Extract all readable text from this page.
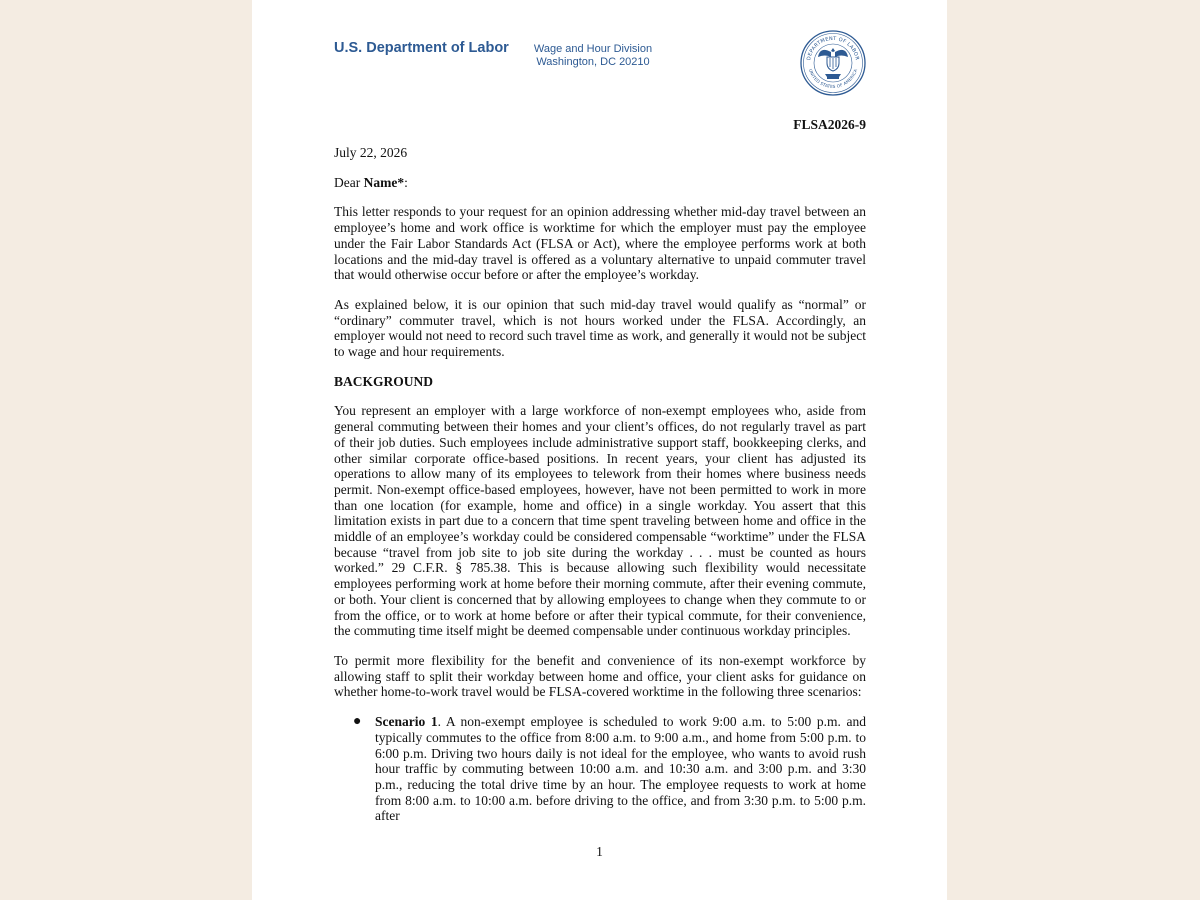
U.S. Department of Labor	Wage and Hour Division
Washington, DC 20210	DEPARTMENT OF LABOR
UNITED STATES OF AMERICA
FLSA2026-9

July 22, 2026

Dear Name*:

This letter responds to your request for an opinion addressing whether mid-day travel between an employee’s home and work office is worktime for which the employer must pay the employee under the Fair Labor Standards Act (FLSA or Act), where the employee performs work at both locations and the mid-day travel is offered as a voluntary alternative to unpaid commuter travel that would otherwise occur before or after the employee’s workday.

As explained below, it is our opinion that such mid-day travel would qualify as “normal” or “ordinary” commuter travel, which is not hours worked under the FLSA. Accordingly, an employer would not need to record such travel time as work, and generally it would not be subject to wage and hour requirements.

BACKGROUND

You represent an employer with a large workforce of non-exempt employees who, aside from general commuting between their homes and your client’s offices, do not regularly travel as part of their job duties. Such employees include administrative support staff, bookkeeping clerks, and other similar corporate office-based positions. In recent years, your client has adjusted its operations to allow many of its employees to telework from their homes where business needs permit. Non-exempt office-based employees, however, have not been permitted to work in more than one location (for example, home and office) in a single workday. You assert that this limitation exists in part due to a concern that time spent traveling between home and office in the middle of an employee’s workday could be considered compensable “worktime” under the FLSA because “travel from job site to job site during the workday . . . must be counted as hours worked.” 29 C.F.R. § 785.38. This is because allowing such flexibility would necessitate employees performing work at home before their morning commute, after their evening commute, or both. Your client is concerned that by allowing employees to change when they commute to or from the office, or to work at home before or after their typical commute, for their convenience, the commuting time itself might be deemed compensable under continuous workday principles.

To permit more flexibility for the benefit and convenience of its non-exempt workforce by allowing staff to split their workday between home and office, your client asks for guidance on whether home-to-work travel would be FLSA-covered worktime in the following three scenarios:

● Scenario 1. A non-exempt employee is scheduled to work 9:00 a.m. to 5:00 p.m. and typically commutes to the office from 8:00 a.m. to 9:00 a.m., and home from 5:00 p.m. to 6:00 p.m. Driving two hours daily is not ideal for the employee, who wants to avoid rush hour traffic by commuting between 10:00 a.m. and 10:30 a.m. and 3:00 p.m. and 3:30 p.m., reducing the total drive time by an hour. The employee requests to work at home from 8:00 a.m. to 10:00 a.m. before driving to the office, and from 3:30 p.m. to 5:00 p.m. after
1
